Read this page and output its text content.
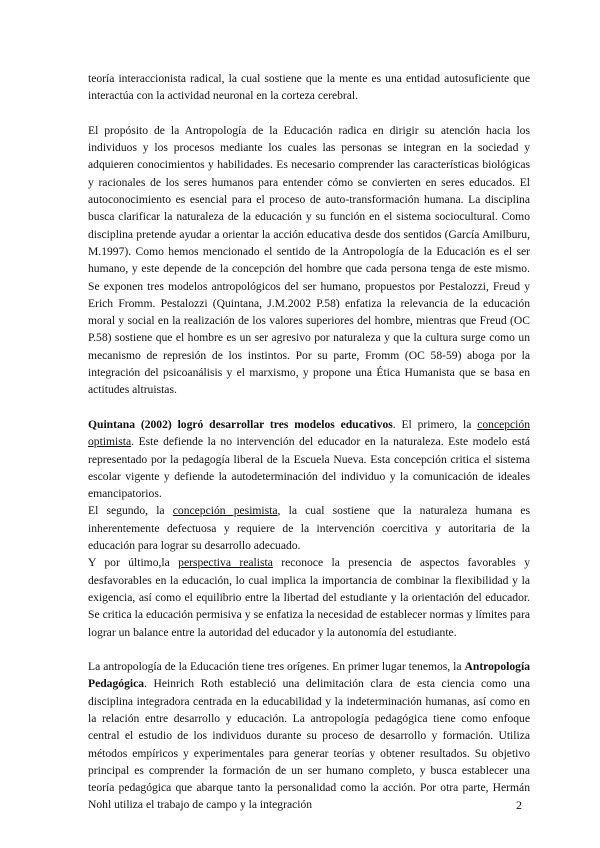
teoría interaccionista radical, la cual sostiene que la mente es una entidad autosuficiente que interactúa con la actividad neuronal en la corteza cerebral.

El propósito de la Antropología de la Educación radica en dirigir su atención hacia los individuos y los procesos mediante los cuales las personas se integran en la sociedad y adquieren conocimientos y habilidades. Es necesario comprender las características biológicas y racionales de los seres humanos para entender cómo se convierten en seres educados. El autoconocimiento es esencial para el proceso de auto-transformación humana. La disciplina busca clarificar la naturaleza de la educación y su función en el sistema sociocultural. Como disciplina pretende ayudar a orientar la acción educativa desde dos sentidos (García Amilburu, M.1997). Como hemos mencionado el sentido de la Antropología de la Educación es el ser humano, y este depende de la concepción del hombre que cada persona tenga de este mismo. Se exponen tres modelos antropológicos del ser humano, propuestos por Pestalozzi, Freud y Erich Fromm. Pestalozzi (Quintana, J.M.2002 P.58) enfatiza la relevancia de la educación moral y social en la realización de los valores superiores del hombre, mientras que Freud (OC P.58) sostiene que el hombre es un ser agresivo por naturaleza y que la cultura surge como un mecanismo de represión de los instintos. Por su parte, Fromm (OC 58-59) aboga por la integración del psicoanálisis y el marxismo, y propone una Ética Humanista que se basa en actitudes altruistas.

Quintana (2002) logró desarrollar tres modelos educativos. El primero, la concepción optimista. Este defiende la no intervención del educador en la naturaleza. Este modelo está representado por la pedagogía liberal de la Escuela Nueva. Esta concepción critica el sistema escolar vigente y defiende la autodeterminación del individuo y la comunicación de ideales emancipatorios.

El segundo, la concepción pesimista, la cual sostiene que la naturaleza humana es inherentemente defectuosa y requiere de la intervención coercitiva y autoritaria de la educación para lograr su desarrollo adecuado.

Y por último,la perspectiva realista reconoce la presencia de aspectos favorables y desfavorables en la educación, lo cual implica la importancia de combinar la flexibilidad y la exigencia, así como el equilibrio entre la libertad del estudiante y la orientación del educador. Se critica la educación permisiva y se enfatiza la necesidad de establecer normas y límites para lograr un balance entre la autoridad del educador y la autonomía del estudiante.

La antropología de la Educación tiene tres orígenes. En primer lugar tenemos, la Antropología Pedagógica. Heinrich Roth estableció una delimitación clara de esta ciencia como una disciplina integradora centrada en la educabilidad y la indeterminación humanas, así como en la relación entre desarrollo y educación. La antropología pedagógica tiene como enfoque central el estudio de los individuos durante su proceso de desarrollo y formación. Utiliza métodos empíricos y experimentales para generar teorías y obtener resultados. Su objetivo principal es comprender la formación de un ser humano completo, y busca establecer una teoría pedagógica que abarque tanto la personalidad como la acción. Por otra parte, Hermán Nohl utiliza el trabajo de campo y la integración	2
